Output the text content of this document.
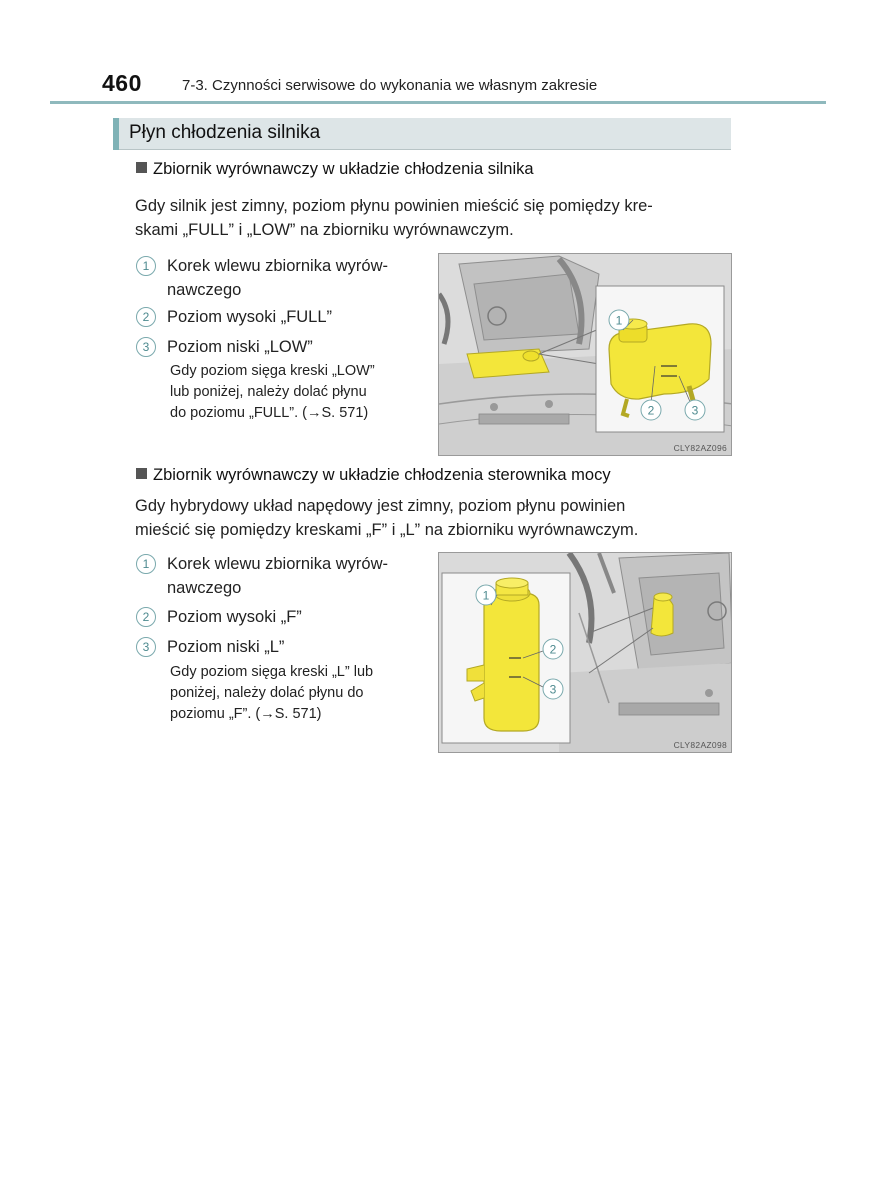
460	7-3. Czynności serwisowe do wykonania we własnym zakresie
Płyn chłodzenia silnika
Zbiornik wyrównawczy w układzie chłodzenia silnika
Gdy silnik jest zimny, poziom płynu powinien mieścić się pomiędzy kre-
skami „FULL” i „LOW” na zbiorniku wyrównawczym.
1	Korek wlewu zbiornika wyrów-
nawczego
2	Poziom wysoki „FULL”
3	Poziom niski „LOW”
Gdy poziom sięga kreski „LOW”
lub poniżej, należy dolać płynu
do poziomu „FULL”. (→S. 571)
1
2	3
CLY82AZ096
Zbiornik wyrównawczy w układzie chłodzenia sterownika mocy
Gdy hybrydowy układ napędowy jest zimny, poziom płynu powinien
mieścić się pomiędzy kreskami „F” i „L” na zbiorniku wyrównawczym.
1	Korek wlewu zbiornika wyrów-
nawczego
2	Poziom wysoki „F”
3	Poziom niski „L”
Gdy poziom sięga kreski „L” lub
poniżej, należy dolać płynu do
poziomu „F”. (→S. 571)
1
2
3
CLY82AZ098
